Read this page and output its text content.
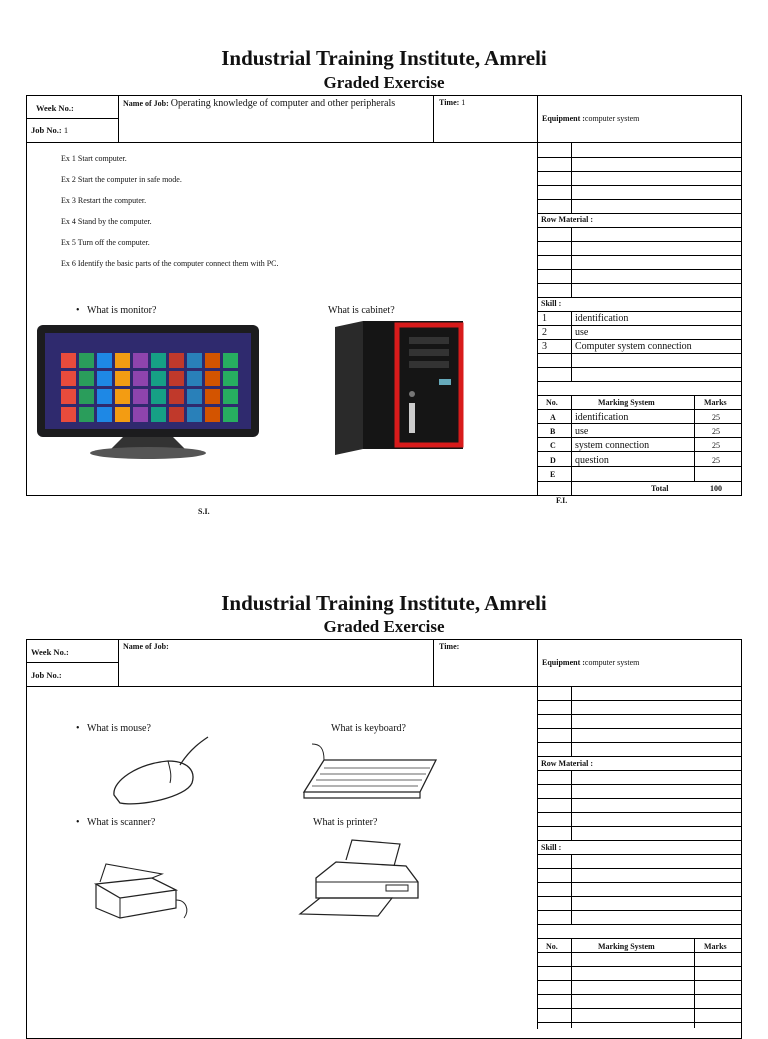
Industrial Training Institute, Amreli
Graded Exercise
Week No.:
Job No.: 1
Name of Job: Operating knowledge of computer and other peripherals	Time: 1
Equipment :computer system
Ex 1 Start computer.
Ex 2 Start the computer in safe mode.
Ex 3 Restart the computer.
Ex 4 Stand by the computer.
Ex 5 Turn off the computer.
Ex 6 Identify the basic parts of the computer connect them with PC.
•   What is monitor?	What is cabinet?
Row Material :
Skill :
1	identification
2	use
3	Computer system connection
No.	Marking System	Marks
A identification	25
B use	25
C system connection	25
D question	25
E
Total	100
F.I.
S.I.
Industrial Training Institute, Amreli
Graded Exercise
Week No.:
Job No.:
Name of Job:	Time:
Equipment :computer system
•   What is mouse?	What is keyboard?
•   What is scanner?	What is printer?
Row Material :
Skill :
No.	Marking System	Marks
